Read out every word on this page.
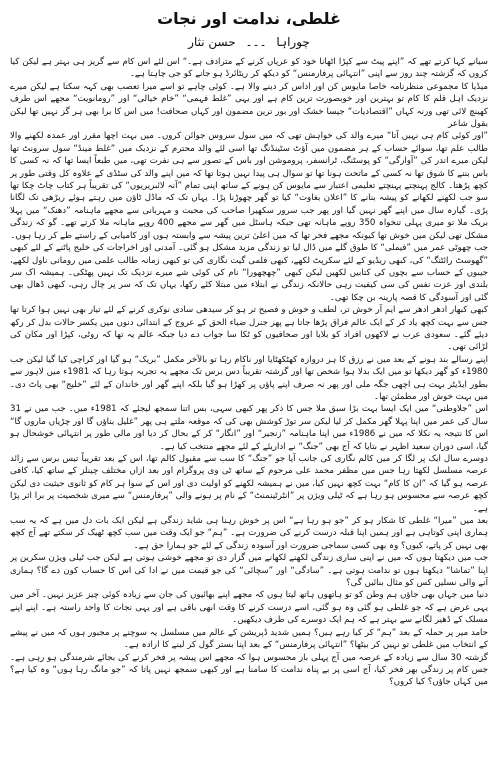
غلطی، ندامت اور نجات
چوراہا ۔۔۔ حسن نثار

سیانے کہا کرتے تھے کہ ”اپنے پیٹ سے کپڑا اٹھانا خود کو عریاں کرنے کے مترادف ہے۔“ اس لئے اس کام سے گریز ہی بہتر ہے لیکن کیا کروں کہ گزشتہ چند روز سے اپنی ”انتہائی پرفارمنس“ کو دیکھ کر ریٹائرڈ ہو جانے کو جی چاہتا ہے۔

میڈیا کا مجموعی منظرنامہ خاصا مایوس کن اور اداس کر دینے والا ہے۔ کوئی چاہے تو اسے میرا تعصب بھی کہہ سکتا ہے لیکن میرے نزدیک اہل قلم کا کام تو بہترین اور خوبصورت ترین کام ہے اور یہی ”غلط فہمی“ ”خام خیالی“ اور ”رومانویت“ مجھے اس طرف کھینچ لائی تھی ورنہ کہاں ”اقتصادیات“ جیسا خشک اور بور ترین مضمون اور کہاں صحافت! میں اس کا برا بھی ہر گز نہیں تھا لیکن بقول شاعر

”اور کوئی کام ہی نہیں آتا“ میرے والد کی خواہش تھی کہ میں سول سروس جوائن کروں۔ میں بہت اچھا مقرر اور عمدہ لکھنے والا طالب علم تھا، سوائے حساب کے ہر مضمون میں آؤٹ سٹینڈنگ تھا اسی لئے والد محترم کے نزدیک میں ”غلط مینڈ“ سول سرونٹ تھا لیکن میرے اندر کی ”آوارگی“ کو پوسٹنگ، ٹرانسفر، پروموشن اور باس کے تصور سے ہی نفرت تھی، میں طبعاً ایسا تھا کہ نہ کسی کا باس بننے کا شوق تھا نہ کسی کے ماتحت ہونا تھا تو سوال ہی پیدا نہیں ہوتا تھا کہ میں اپنے والد کی سٹڈی کے علاوہ کل وقتی طور پر کچھ پڑھتا۔ کالج پہنچتے پہنچتے تعلیمی اعتبار سے مایوس کن ہونے کے ساتھ اپنی تمام ”آنہ لائبریریوں“ کی تقریباً ہر کتاب چاٹ چکا تھا سو جب لکھنے لکھانے کو پیشہ بنانے کا ”اعلان بغاوت“ کیا تو گھر چھوڑنا پڑا۔ یہاں تک کہ ماڈل ٹاؤن میں رہتے ہوئے ریڑھی تک لگانا پڑی۔ گیارہ سال میں اپنے گھر نہیں گیا اور پھر جب سرور سکھیرا صاحب کی محبت و مہربانی سے مجھے ماہنامہ ”دھنک“ میں پہلا بریک ملا تو میری پہلی تنخواہ 350 روپے ماہانہ تھی جبکہ ہاسٹل میں گھر سے مجھے 400 روپے ماہانہ ملا کرتے تھے۔ گو کہ زندگی مشکل تھی لیکن میں خوش تھا کیونکہ مجھے فخر تھا کہ میں اعلیٰ ترین پیشہ سے وابستہ ہوں اور کامیابی کے راستے طے کر رہا ہوں۔

جب چھوٹی عمر میں ”فیملی“ کا طوق گلے میں ڈال لیا تو زندگی مزید مشکل ہو گئی۔ آمدنی اور اخراجات کی خلیج پاٹنے کے لئے کبھی ”گھوسٹ رائٹنگ“ کی، کبھی ریڈیو کے لئے سکرپٹ لکھے، کبھی فلمی گیت نگاری کی تو کبھی زمانہ طالب علمی میں رومانی ناول لکھے، جیبوں کے حساب سے بچوں کی کتابیں لکھیں لیکن کبھی ”چھچھورا“ نام کی کوئی شے میرے نزدیک تک نہیں پھٹکی۔ ہمیشہ اک سر بلندی اور عزت نفس کی سی کیفیت رہی حالانکہ زندگی نے ابتلاء میں مبتلا کئے رکھا، یہاں تک کہ سر پر چال رہی، کبھی ڈھال بھی گئی اور آسودگی کا قصہ پارینہ بن چکا تھی۔

کبھی کبھار ادھر ادھر سے ایم آر خوش تر، لطف و خوش و فصیح تر ہو کر سیدھی سادی نوکری کرنے کے لئے تیار بھی نہیں ہوا کرتا تھا جس سے بہت کچھ یاد کر کے ایک عالم فراق پڑھا جاتا ہے پھر جنرل ضیاء الحق کے عروج کے ابتدائی دنوں میں یکسر حالات بدل کر رکھ دیئے گئے۔ سعودی عرب نے لاکھوں افراد کو بلایا اور صحافیوں کو ٹکا سا جواب دے دیا جبکہ عالم یہ تھا کہ روٹی، کپڑا اور مکان کی لڑائی تھی۔

اپنے رسالے بند ہونے کے بعد میں نے رزق کا ہر دروازہ کھٹکھٹایا اور ناکام رہا تو بالآخر مکمل ”بریک“ ہو گیا اور کراچی کیا گیا لیکن جب 1980ء کو گھر دیکھا تو میں ایک بدلا ہوا شخص تھا اور گزشتہ تقریباً دس برس تک مجھے یہ تجربہ ہوتا رہا کہ 1981ء میں لاہور سے بطور ایڈیٹر بہت ہی اچھی جگہ ملی اور پھر نہ صرف اپنے پاؤں پر کھڑا ہو گیا بلکہ اپنے گھر اور خاندان کے لئے ”خلیج“ بھی پاٹ دی۔ میں بہت خوش اور مطمئن تھا۔

اس ”جلاوطنی“ میں ایک ایسا بہت بڑا سبق ملا جس کا ذکر پھر کبھی سہی، بس اتنا سمجھ لیجئے کہ 1981ء میں۔ جب میں نے 31 سال کی عمر میں اپنا پہلا گھر مکمل کر لیا لیکن سر توڑ کوشش بھی کی کہ موقعہ ملتے ہی پھر ”غلیل بناؤں گا اور چڑیاں ماروں گا“ اس کا نتیجہ یہ نکلا کہ میں نے 1986ء میں اپنا ماہنامہ ”زنجیر“ اور ”انگار“ کر کے بحال کر دیا اور مالی طور پر انتہائی خوشحال ہو گیا، اسی دوران سعید اظہر نے بتایا کہ آج بھی ”جنگ“ نے اداریئے کے لئے مجھے منتخب کیا ہے۔

دوسرے سال ایک پر لگا کر میں کالم نگاری کی جانب آیا جو ”جنگ“ کا سب سے مقبول کالم تھا، اس کے بعد تقریباً تیس برس سے زائد عرصہ مسلسل لکھتا رہا جس میں مظفر محمد علی مرحوم کے ساتھ ٹی وی پروگرام اور بعد ازاں مختلف چینلز کے ساتھ کیا، کافی عرصہ ہو گیا کہ ”ان کا کام“ بہت کچھ نہیں کیا، میں نے ہمیشہ لکھنے کو اولیت دی اور اس کے سوا ہر کام کو ثانوی حیثیت دی لیکن کچھ عرصہ سے محسوس ہو رہا ہے کہ ٹیلی ویژن پر ”انٹرٹینمنٹ“ کے نام پر ہونے والی ”پرفارمنس“ سے میری شخصیت پر برا اثر پڑا ہے۔

بعد میں ”میرا“ غلطی کا شکار ہو کر ”جو ہو رہا ہے“ اس پر خوش رہنا ہی شاید زندگی ہے لیکن ایک بات دل میں ہے کہ یہ سب ہماری اپنی کوتاہی ہے اور ہمیں اپنا قبلہ درست کرنے کی ضرورت ہے۔ ”ہم“ جو ایک وقت میں سب کچھ ٹھیک کر سکتے تھے آج کچھ بھی نہیں کر پاتے، کیوں؟ وہ بھی کسی سماجی ضرورت اور آسودہ زندگی کے لئے جو ہمارا حق ہے۔

جب میں دیکھتا ہوں کہ میں نے اپنی ساری زندگی لکھنے لکھانے میں گزار دی تو مجھے خوشی ہوتی ہے لیکن جب ٹیلی ویژن سکرین پر اپنا ”تماشا“ دیکھتا ہوں تو ندامت ہوتی ہے۔ ”سادگی“ اور ”سچائی“ کی جو قیمت میں نے ادا کی اس کا حساب کون دے گا؟ ہماری آنے والی نسلیں کس کو مثال بنائیں گی؟

دنیا میں جہاں بھی جاؤں ہم وطن کو تو ہاتھوں ہاتھ لیتا ہوں کہ مجھے اپنے بھائیوں کی جان سے زیادہ کوئی چیز عزیز نہیں۔ آخر میں یہی عرض ہے کہ جو غلطی ہو گئی وہ ہو گئی، اسے درست کرنے کا وقت ابھی باقی ہے اور یہی نجات کا واحد راستہ ہے۔ اپنے اپنے مسلک کے ڈھیر لگانے سے بہتر ہے کہ ہم ایک دوسرے کی طرف دیکھیں۔

حامد میر پر حملہ کے بعد ”ہم“ کر کیا رہے ہیں؟ ہمیں شدید ڈپریشن کے عالم میں مسلسل یہ سوچنے پر مجبور ہوں کہ میں نے پیشے کے انتخاب میں غلطی تو نہیں کر بیٹھا؟ ”انتہائی پرفارمنس“ کے بعد اپنا بستر گول کر لینے کا ارادہ ہے۔

گزشتہ 30 سال سے زیادہ کے عرصہ میں آج پہلی بار محسوس ہوا کہ مجھے اس پیشہ پر فخر کرنے کی بجائے شرمندگی ہو رہی ہے۔ جس کام پر زندگی بھر فخر کیا، آج اسی پر بے پناہ ندامت کا سامنا ہے اور کبھی سمجھ نہیں پاتا کہ ”جو مانگ رہا ہوں“ وہ کیا ہے؟ میں کہاں جاؤں؟ کیا کروں؟
